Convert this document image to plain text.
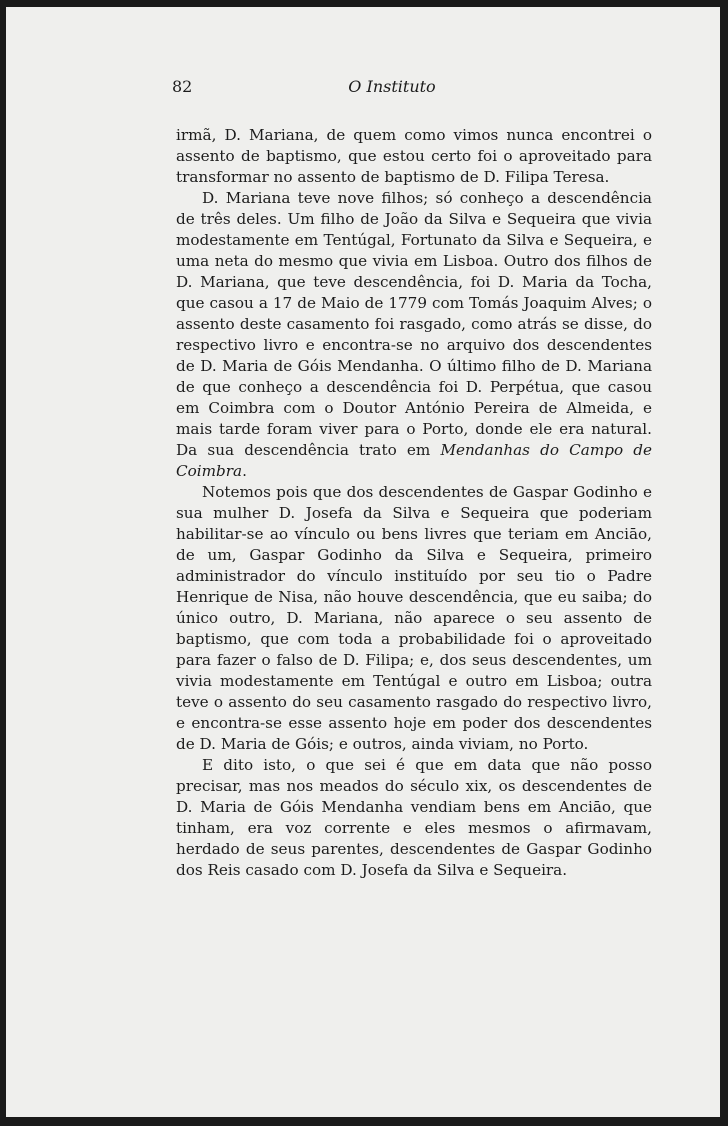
82	O Instituto

irmã, D. Mariana, de quem como vimos nunca encontrei o assento de baptismo, que estou certo foi o aproveitado para transformar no assento de baptismo de D. Filipa Teresa.

D. Mariana teve nove filhos; só conheço a descendência de três deles. Um filho de João da Silva e Sequeira que vivia modestamente em Tentúgal, Fortunato da Silva e Sequeira, e uma neta do mesmo que vivia em Lisboa. Outro dos filhos de D. Mariana, que teve descendência, foi D. Maria da Tocha, que casou a 17 de Maio de 1779 com Tomás Joaquim Alves; o assento deste casamento foi rasgado, como atrás se disse, do respectivo livro e encontra-se no arquivo dos descendentes de D. Maria de Góis Mendanha. O último filho de D. Mariana de que conheço a descendência foi D. Perpétua, que casou em Coimbra com o Doutor António Pereira de Almeida, e mais tarde foram viver para o Porto, donde ele era natural. Da sua descendência trato em Mendanhas do Campo de Coimbra.

Notemos pois que dos descendentes de Gaspar Godinho e sua mulher D. Josefa da Silva e Sequeira que poderiam habilitar-se ao vínculo ou bens livres que teriam em Anciāo, de um, Gaspar Godinho da Silva e Sequeira, primeiro administrador do vínculo instituído por seu tio o Padre Henrique de Nisa, não houve descendência, que eu saiba; do único outro, D. Mariana, não aparece o seu assento de baptismo, que com toda a probabilidade foi o aproveitado para fazer o falso de D. Filipa; e, dos seus descendentes, um vivia modestamente em Tentúgal e outro em Lisboa; outra teve o assento do seu casamento rasgado do respectivo livro, e encontra-se esse assento hoje em poder dos descendentes de D. Maria de Góis; e outros, ainda viviam, no Porto.

E dito isto, o que sei é que em data que não posso precisar, mas nos meados do século xix, os descendentes de D. Maria de Góis Mendanha vendiam bens em Anciāo, que tinham, era voz corrente e eles mesmos o afirmavam, herdado de seus parentes, descendentes de Gaspar Godinho dos Reis casado com D. Josefa da Silva e Sequeira.
